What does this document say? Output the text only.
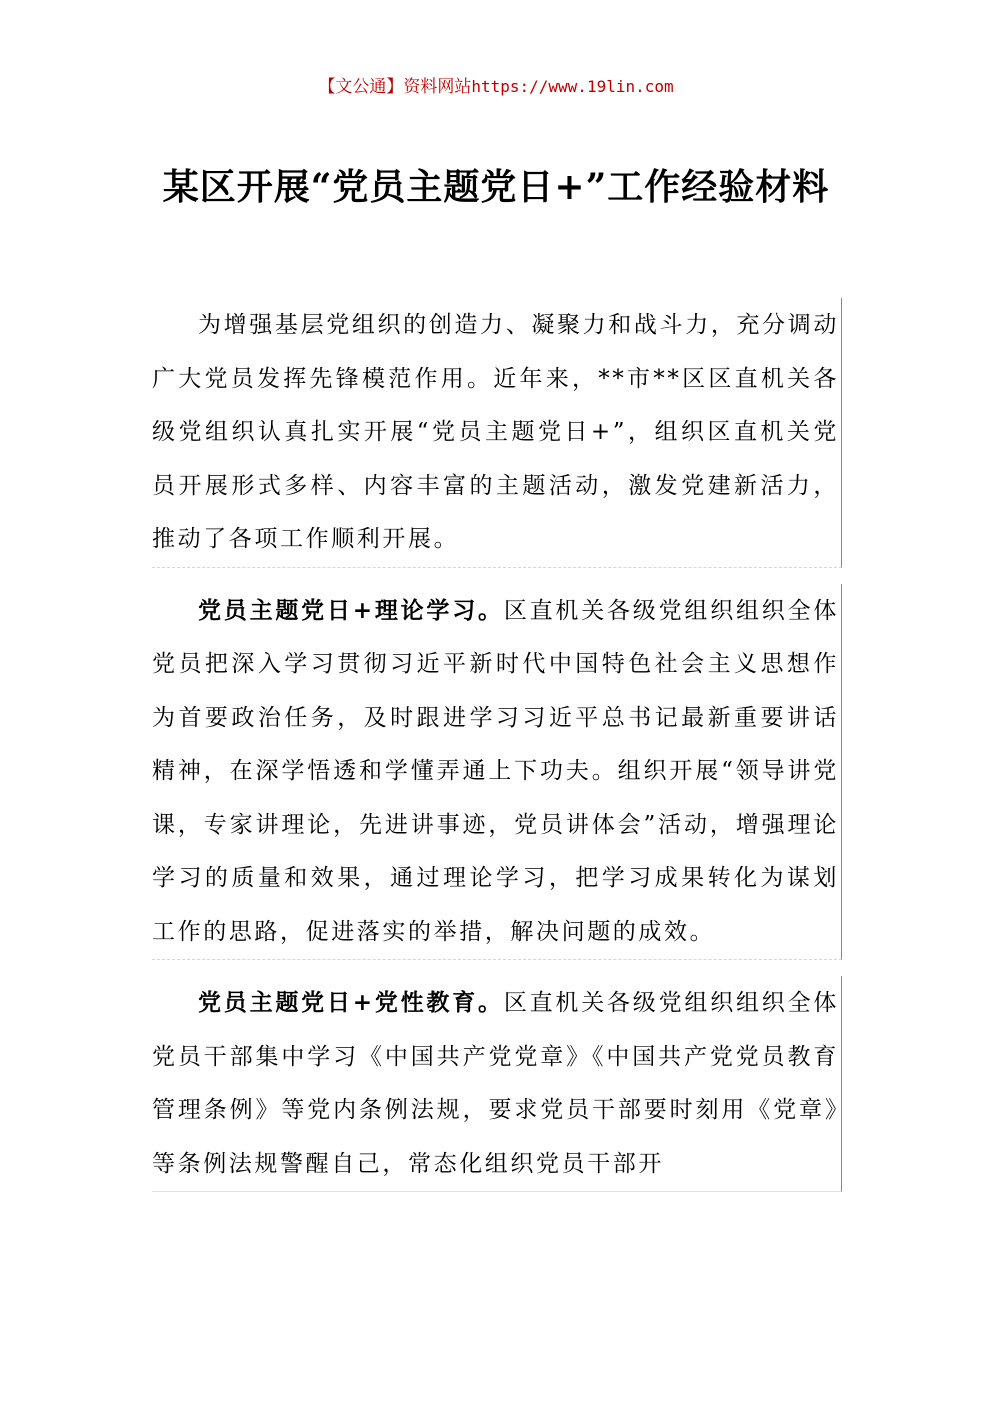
【文公通】资料网站https://www.19lin.com
某区开展“党员主题党日+”工作经验材料

为增强基层党组织的创造力、凝聚力和战斗力，充分调动广大党员发挥先锋模范作用。近年来，**市**区区直机关各级党组织认真扎实开展“党员主题党日+”，组织区直机关党员开展形式多样、内容丰富的主题活动，激发党建新活力，推动了各项工作顺利开展。

党员主题党日+理论学习。区直机关各级党组织组织全体党员把深入学习贯彻习近平新时代中国特色社会主义思想作为首要政治任务，及时跟进学习习近平总书记最新重要讲话精神，在深学悟透和学懂弄通上下功夫。组织开展“领导讲党课，专家讲理论，先进讲事迹，党员讲体会”活动，增强理论学习的质量和效果，通过理论学习，把学习成果转化为谋划工作的思路，促进落实的举措，解决问题的成效。

党员主题党日+党性教育。区直机关各级党组织组织全体党员干部集中学习《中国共产党党章》《中国共产党党员教育管理条例》等党内条例法规，要求党员干部要时刻用《党章》等条例法规警醒自己，常态化组织党员干部开
